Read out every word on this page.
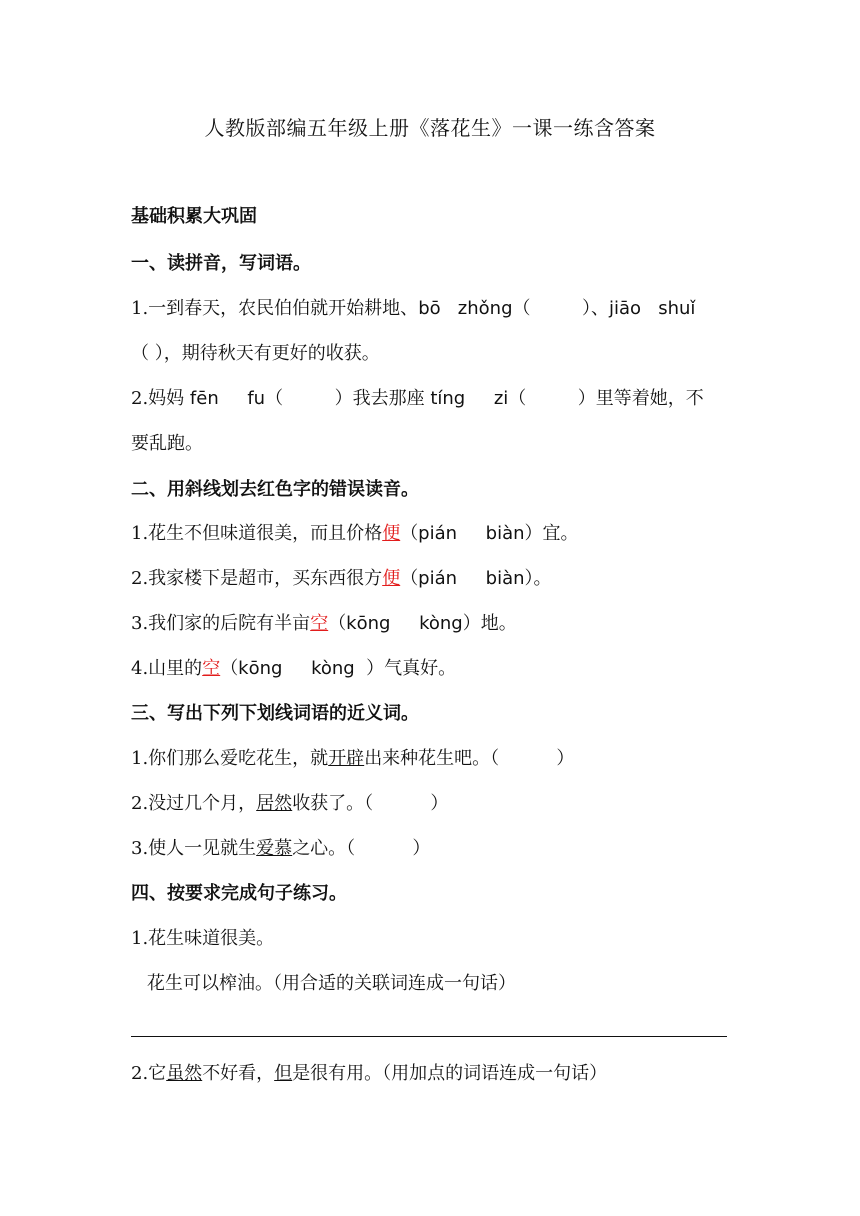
人教版部编五年级上册《落花生》一课一练含答案
基础积累大巩固
一、读拼音，写词语。
1.一到春天，农民伯伯就开始耕地、bō   zhǒng（         ）、jiāo   shuǐ
（ ），期待秋天有更好的收获。
2.妈妈 fēn     fu（         ）我去那座 tíng     zi（         ）里等着她，不
要乱跑。
二、用斜线划去红色字的错误读音。
1.花生不但味道很美，而且价格便（pián     biàn）宜。
2.我家楼下是超市，买东西很方便（pián     biàn）。
3.我们家的后院有半亩空（kōng     kòng）地。
4.山里的空（kōng     kòng  ）气真好。
三、写出下列下划线词语的近义词。
1.你们那么爱吃花生，就开辟出来种花生吧。（          ）
2.没过几个月，居然收获了。（          ）
3.使人一见就生爱慕之心。（          ）
四、按要求完成句子练习。
1.花生味道很美。
花生可以榨油。（用合适的关联词连成一句话）
2.它虽然不好看，但是很有用。（用加点的词语连成一句话）
